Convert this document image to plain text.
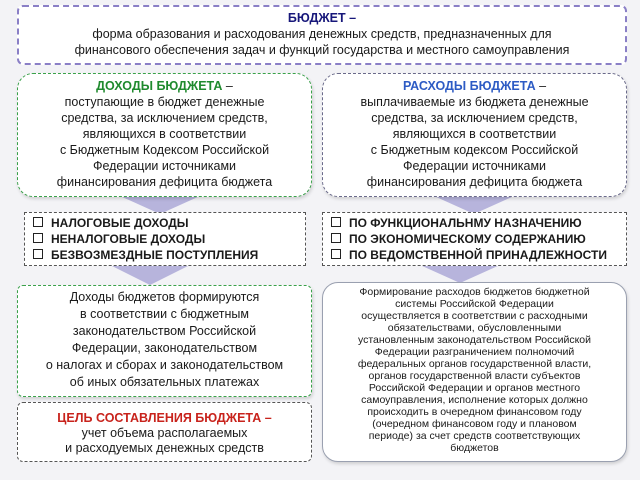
БЮДЖЕТ –
форма образования и расходования денежных средств, предназначенных для
финансового обеспечения задач и функций государства и местного самоуправления
ДОХОДЫ БЮДЖЕТА –
поступающие в бюджет денежные
средства, за исключением средств,
являющихся в соответствии
с Бюджетным Кодексом Российской
Федерации источниками
финансирования дефицита бюджета
РАСХОДЫ БЮДЖЕТА –
выплачиваемые из бюджета денежные
средства, за исключением средств,
являющихся в соответствии
с Бюджетным кодексом Российской
Федерации источниками
финансирования дефицита бюджета
НАЛОГОВЫЕ ДОХОДЫ
НЕНАЛОГОВЫЕ ДОХОДЫ
БЕЗВОЗМЕЗДНЫЕ ПОСТУПЛЕНИЯ
ПО ФУНКЦИОНАЛЬНМУ НАЗНАЧЕНИЮ
ПО ЭКОНОМИЧЕСКОМУ СОДЕРЖАНИЮ
ПО ВЕДОМСТВЕННОЙ ПРИНАДЛЕЖНОСТИ
Доходы бюджетов формируются
в соответствии с бюджетным
законодательством Российской
Федерации, законодательством
о налогах и сборах и законодательством
об иных обязательных платежах
Формирование расходов бюджетов бюджетной
системы Российской Федерации
осуществляется в соответствии с расходными
обязательствами, обусловленными
установленным законодательством Российской
Федерации разграничением полномочий
федеральных органов государственной власти,
органов государственной власти субъектов
Российской Федерации и органов местного
самоуправления, исполнение которых должно
происходить в очередном финансовом году
(очередном финансовом году и плановом
периоде) за счет средств соответствующих
бюджетов
ЦЕЛЬ СОСТАВЛЕНИЯ БЮДЖЕТА –
учет объема располагаемых
и расходуемых денежных средств
